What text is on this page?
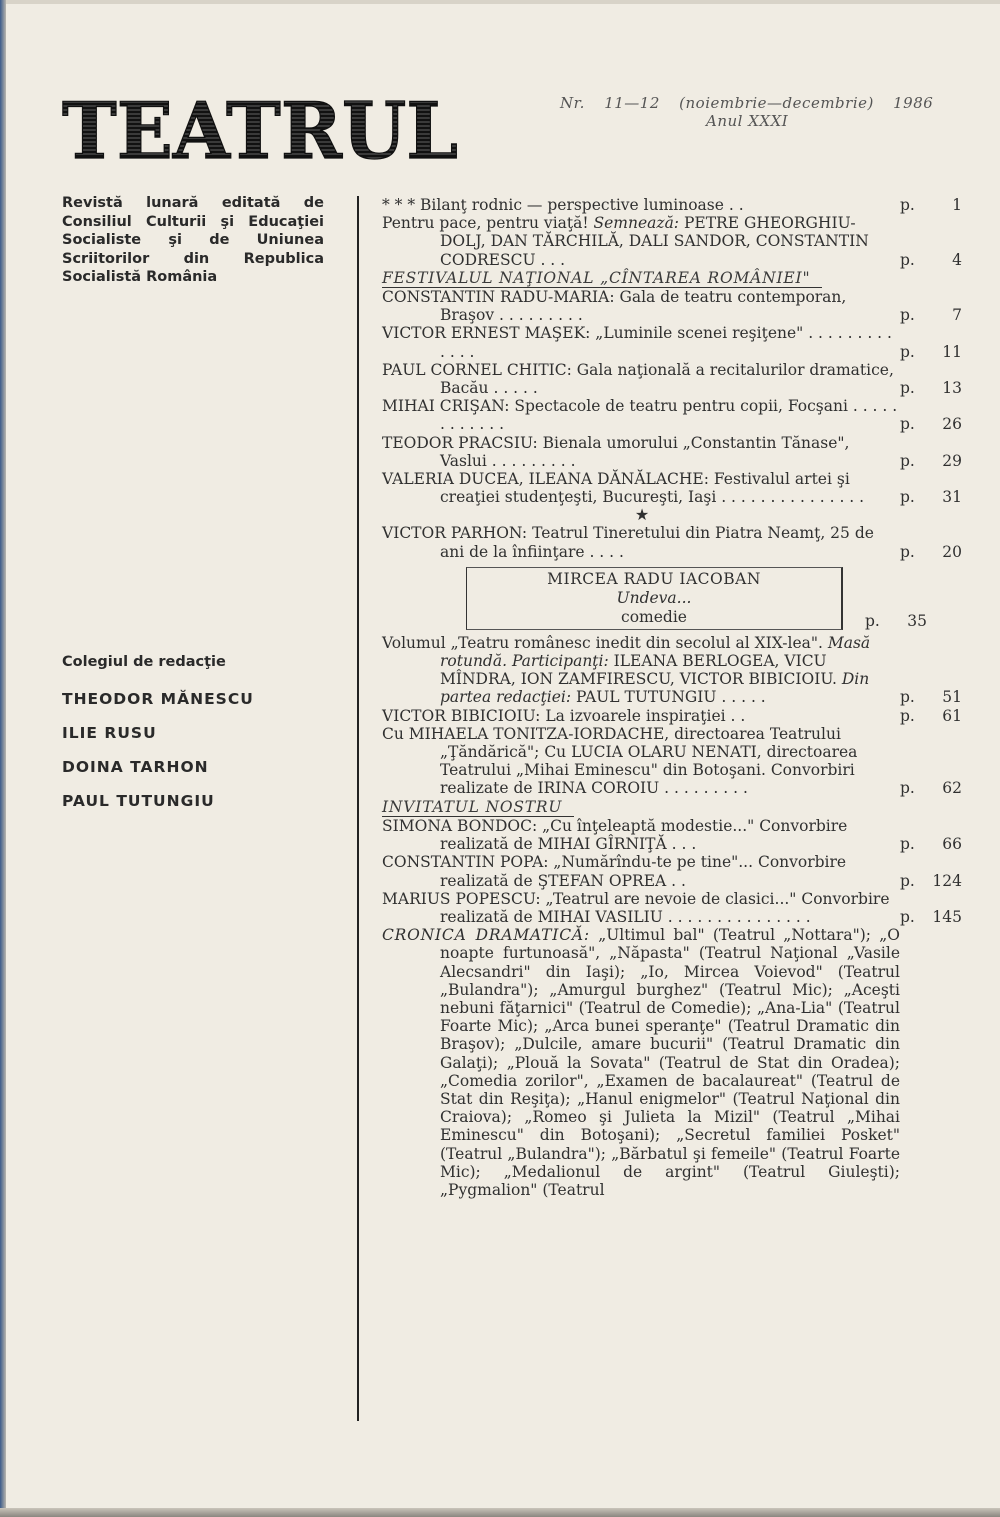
TEATRUL	Nr. 11—12 (noiembrie—decembrie) 1986
Anul XXXI
Revistă lunară editată de Consiliul Culturii şi Educaţiei Socialiste şi de Uniunea Scriitorilor din Republica Socialistă România
Colegiul de redacţie
THEODOR MĂNESCU
ILIE RUSU
DOINA TARHON
PAUL TUTUNGIU
* * * Bilanţ rodnic — perspective luminoase . .	p. 1
Pentru pace, pentru viaţă! Semnează: PETRE GHEORGHIU-DOLJ, DAN TĂRCHILĂ, DALI SANDOR, CONSTANTIN CODRESCU . . .	p. 4
FESTIVALUL NAŢIONAL „CÎNTAREA ROMÂNIEI"
CONSTANTIN RADU-MARIA: Gala de teatru contemporan, Braşov . . . . . . . . .	p. 7
VICTOR ERNEST MAŞEK: „Luminile scenei reşiţene" . . . . . . . . . . . . .	p. 11
PAUL CORNEL CHITIC: Gala naţională a recitalurilor dramatice, Bacău . . . . .	p. 13
MIHAI CRIŞAN: Spectacole de teatru pentru copii, Focşani . . . . . . . . . . . .	p. 26
TEODOR PRACSIU: Bienala umorului „Constantin Tănase", Vaslui . . . . . . . . .	p. 29
VALERIA DUCEA, ILEANA DĂNĂLACHE: Festivalul artei şi creaţiei studenţeşti, Bucureşti, Iaşi . . . . . . . . . . . . . . .	p. 31
★
VICTOR PARHON: Teatrul Tineretului din Piatra Neamţ, 25 de ani de la înfiinţare . . . .	p. 20
MIRCEA RADU IACOBAN
Undeva...
comedie	p. 35
Volumul „Teatru românesc inedit din secolul al XIX-lea". Masă rotundă. Participanţi: ILEANA BERLOGEA, VICU MÎNDRA, ION ZAMFIRESCU, VICTOR BIBICIOIU. Din partea redacţiei: PAUL TUTUNGIU . . . . .	p. 51
VICTOR BIBICIOIU: La izvoarele inspiraţiei . .	p. 61
Cu MIHAELA TONITZA-IORDACHE, directoarea Teatrului „Ţăndărică"; Cu LUCIA OLARU NENATI, directoarea Teatrului „Mihai Eminescu" din Botoşani. Convorbiri realizate de IRINA COROIU . . . . . . . . .	p. 62
INVITATUL NOSTRU
SIMONA BONDOC: „Cu înţeleaptă modestie..." Convorbire realizată de MIHAI GÎRNIŢĂ . . .	p. 66
CONSTANTIN POPA: „Numărîndu-te pe tine"... Convorbire realizată de ŞTEFAN OPREA . .	p. 124
MARIUS POPESCU: „Teatrul are nevoie de clasici..." Convorbire realizată de MIHAI VASILIU . . . . . . . . . . . . . . .	p. 145
CRONICA DRAMATICĂ: „Ultimul bal" (Teatrul „Nottara"); „O noapte furtunoasă", „Năpasta" (Teatrul Naţional „Vasile Alecsandri" din Iaşi); „Io, Mircea Voievod" (Teatrul „Bulandra"); „Amurgul burghez" (Teatrul Mic); „Aceşti nebuni făţarnici" (Teatrul de Comedie); „Ana-Lia" (Teatrul Foarte Mic); „Arca bunei speranţe" (Teatrul Dramatic din Braşov); „Dulcile, amare bucurii" (Teatrul Dramatic din Galaţi); „Plouă la Sovata" (Teatrul de Stat din Oradea); „Comedia zorilor", „Examen de bacalaureat" (Teatrul de Stat din Reşiţa); „Hanul enigmelor" (Teatrul Naţional din Craiova); „Romeo şi Julieta la Mizil" (Teatrul „Mihai Eminescu" din Botoşani); „Secretul familiei Posket" (Teatrul „Bulandra"); „Bărbatul şi femeile" (Teatrul Foarte Mic); „Medalionul de argint" (Teatrul Giuleşti); „Pygmalion" (Teatrul
